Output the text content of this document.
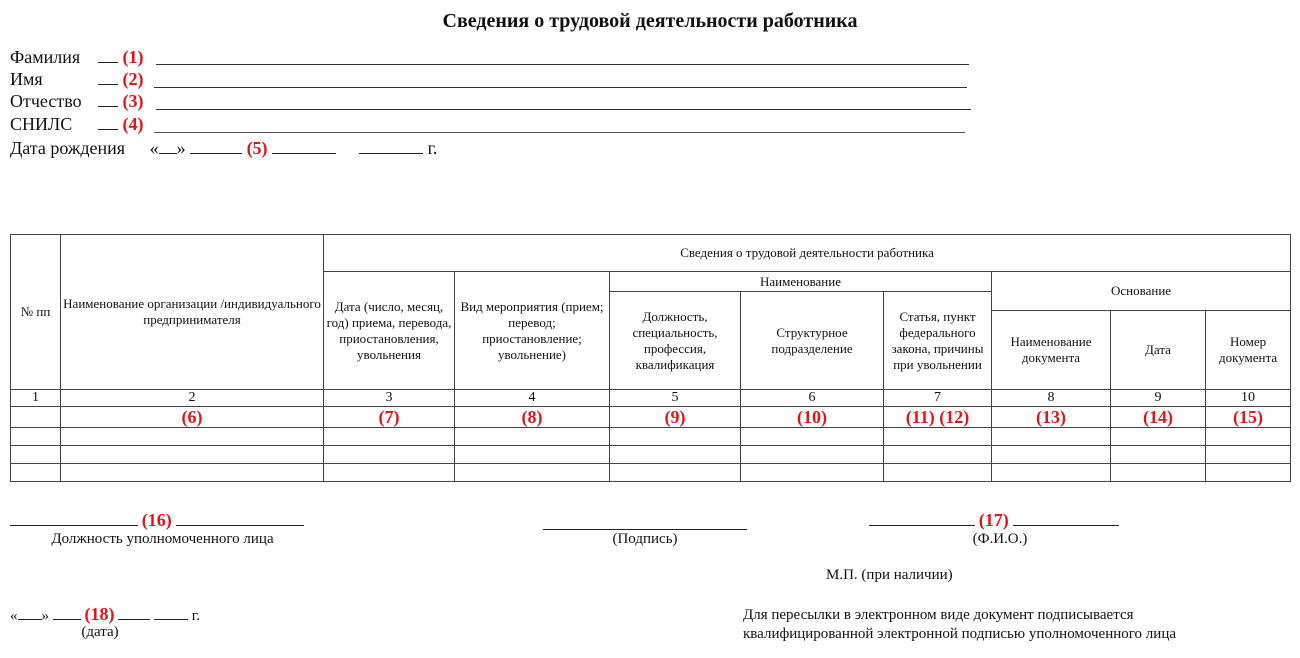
Сведения о трудовой деятельности работника
Фамилия (1)
Имя	(2)
Отчество (3)
СНИЛС	(4)
Дата рождения « »	(5)	г.
№ пп	Наименование организации /индивидуального предпринимателя	Сведения о трудовой деятельности работника							
		Дата (число, месяц, год) приема, перевода, приостановления, увольнения	Вид мероприятия (прием; перевод; приостановление; увольнение)	Наименование			Основание		
				Должность, специальность, профессия, квалификация	Структурное подразделение	Статья, пункт федерального закона, причины при увольнении			
							Наименование документа	Дата	Номер документа
1	2	3	4	5	6	7	8	9	10
	(6)	(7)	(8)	(9)	(10)	(11) (12)	(13)	(14)	(15)

(16)
Должность уполномоченного лица	(Подпись)
(17)
(Ф.И.О.)
М.П. (при наличии)
« » (18)	г.
(дата)
Для пересылки в электронном виде документ подписывается
квалифицированной электронной подписью уполномоченного лица
